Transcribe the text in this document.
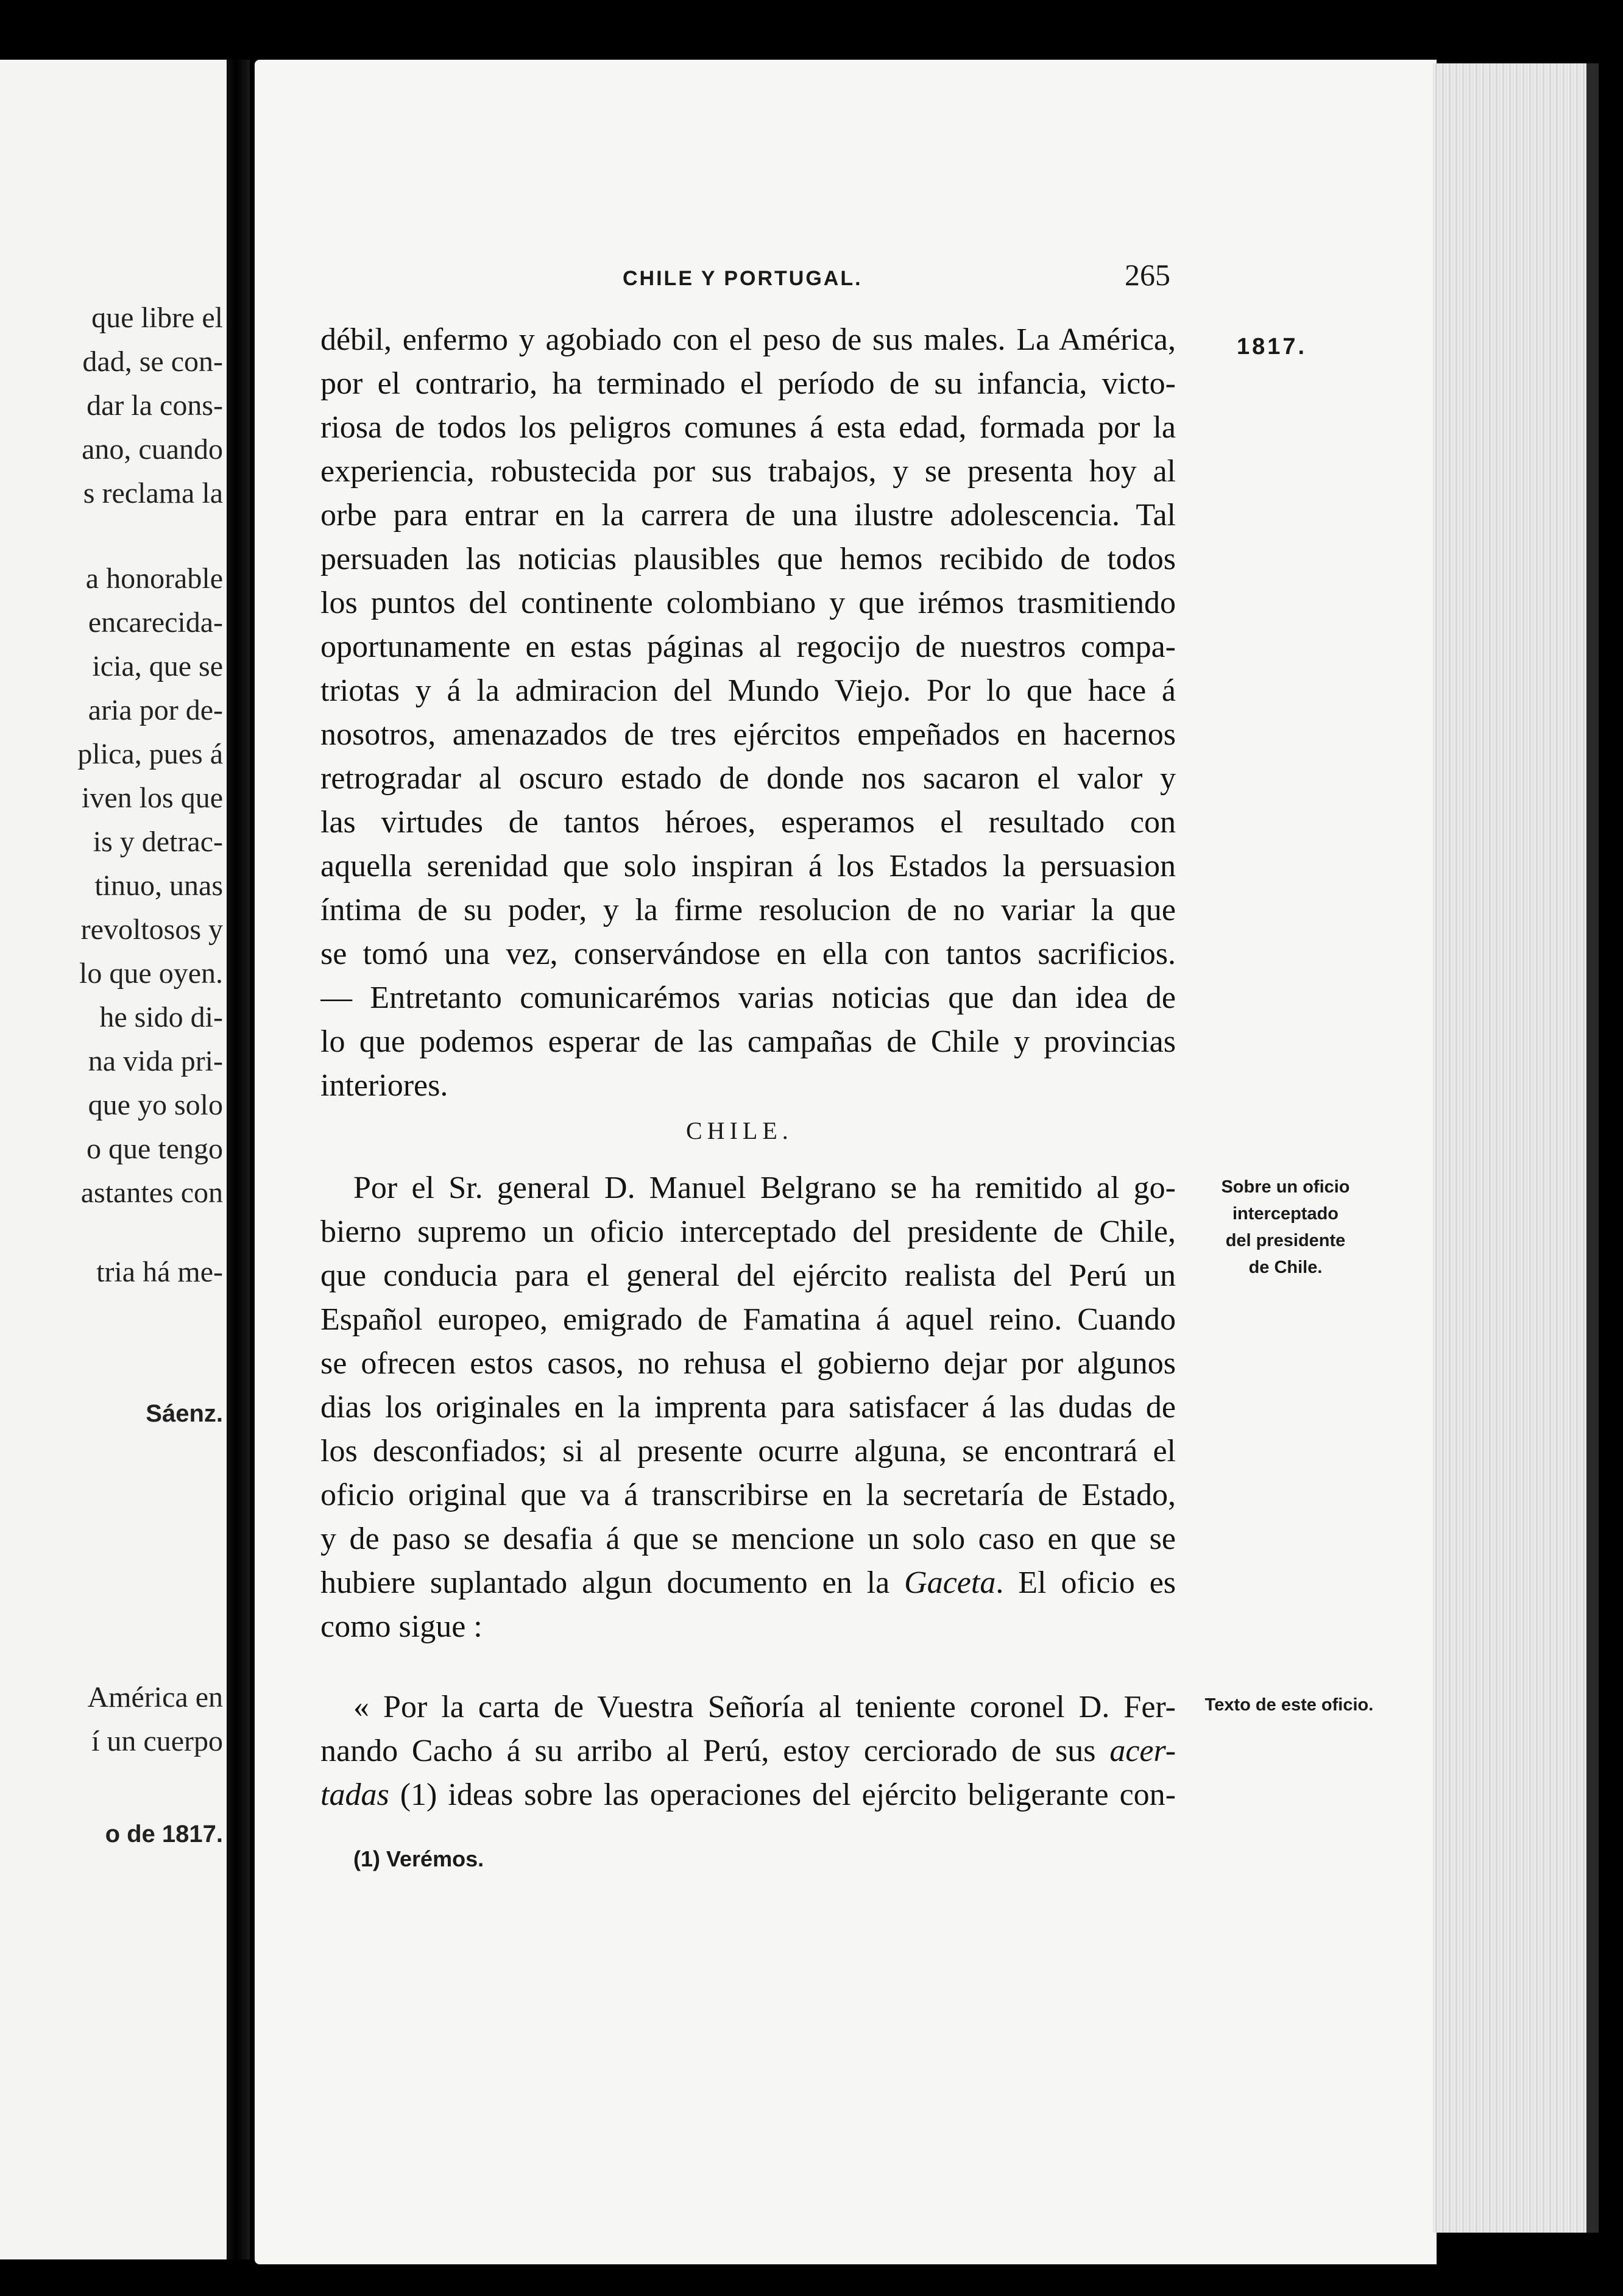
que libre el
dad, se con-
dar la cons-
ano, cuando
s reclama la
a honorable
encarecida-
icia, que se
aria por de-
plica, pues á
iven los que
is y detrac-
tinuo, unas
revoltosos y
lo que oyen.
he sido di-
na vida pri-
que yo solo
o que tengo
astantes con
tria há me-
Sáenz.
América en
í un cuerpo
o de 1817.
CHILE Y PORTUGAL.	265
1817.
débil, enfermo y agobiado con el peso de sus males. La América,
por el contrario, ha terminado el período de su infancia, victo-
riosa de todos los peligros comunes á esta edad, formada por la
experiencia, robustecida por sus trabajos, y se presenta hoy al
orbe para entrar en la carrera de una ilustre adolescencia. Tal
persuaden las noticias plausibles que hemos recibido de todos
los puntos del continente colombiano y que irémos trasmitiendo
oportunamente en estas páginas al regocijo de nuestros compa-
triotas y á la admiracion del Mundo Viejo. Por lo que hace á
nosotros, amenazados de tres ejércitos empeñados en hacernos
retrogradar al oscuro estado de donde nos sacaron el valor y
las virtudes de tantos héroes, esperamos el resultado con
aquella serenidad que solo inspiran á los Estados la persuasion
íntima de su poder, y la firme resolucion de no variar la que
se tomó una vez, conservándose en ella con tantos sacrificios.
— Entretanto comunicarémos varias noticias que dan idea de
lo que podemos esperar de las campañas de Chile y provincias
interiores.
CHILE.
Por el Sr. general D. Manuel Belgrano se ha remitido al go-
bierno supremo un oficio interceptado del presidente de Chile,
que conducia para el general del ejército realista del Perú un
Español europeo, emigrado de Famatina á aquel reino. Cuando
se ofrecen estos casos, no rehusa el gobierno dejar por algunos
dias los originales en la imprenta para satisfacer á las dudas de
los desconfiados; si al presente ocurre alguna, se encontrará el
oficio original que va á transcribirse en la secretaría de Estado,
y de paso se desafia á que se mencione un solo caso en que se
hubiere suplantado algun documento en la Gaceta. El oficio es
como sigue :
Sobre un oficio
interceptado
del presidente
de Chile.
« Por la carta de Vuestra Señoría al teniente coronel D. Fer-
nando Cacho á su arribo al Perú, estoy cerciorado de sus acer-
tadas (1) ideas sobre las operaciones del ejército beligerante con-
Texto de este oficio.
(1) Verémos.
